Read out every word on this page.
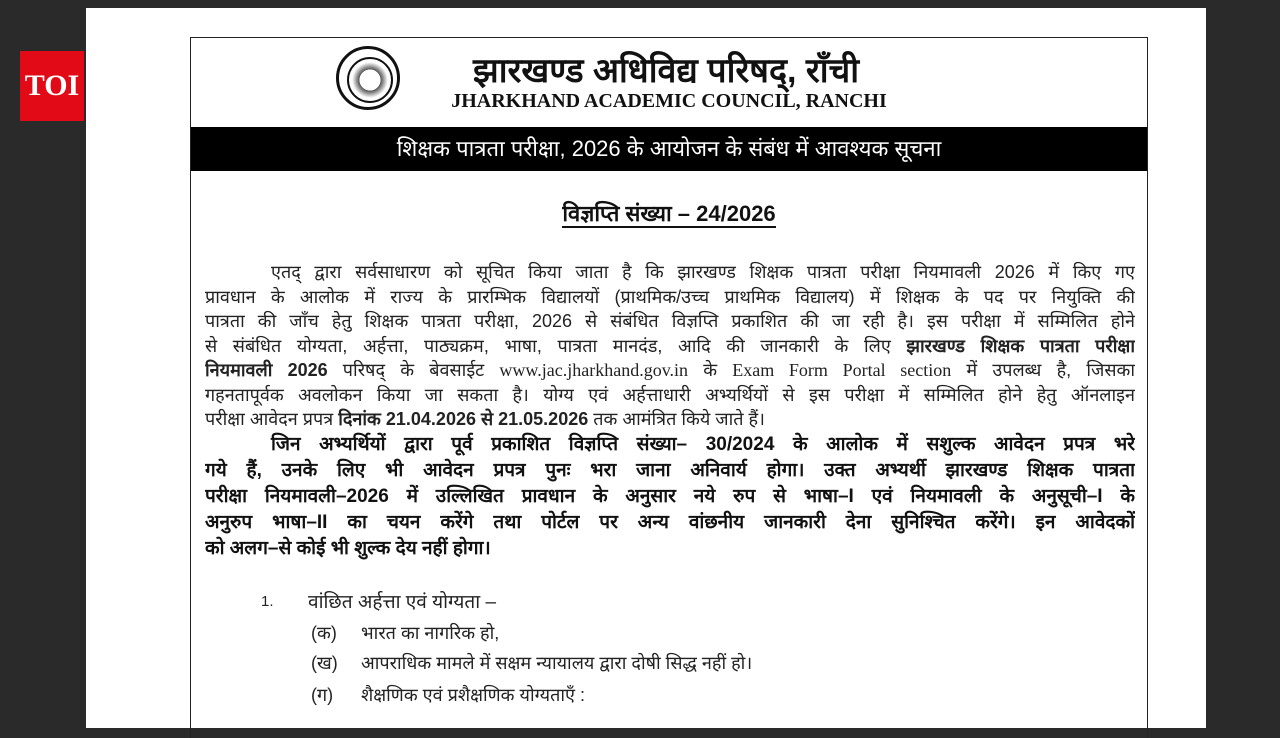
TOI	झारखण्ड अधिविद्य परिषद्, राँची
JHARKHAND ACADEMIC COUNCIL, RANCHI
शिक्षक पात्रता परीक्षा, 2026 के आयोजन के संबंध में आवश्यक सूचना
विज्ञप्ति संख्या – 24/2026
एतद् द्वारा सर्वसाधारण को सूचित किया जाता है कि झारखण्ड शिक्षक पात्रता परीक्षा नियमावली 2026 में किए गए
प्रावधान के आलोक में राज्य के प्रारम्भिक विद्यालयों (प्राथमिक/उच्च प्राथमिक विद्यालय) में शिक्षक के पद पर नियुक्ति की
पात्रता की जाँच हेतु शिक्षक पात्रता परीक्षा, 2026 से संबंधित विज्ञप्ति प्रकाशित की जा रही है। इस परीक्षा में सम्मिलित होने
से संबंधित योग्यता, अर्हत्ता, पाठ्यक्रम, भाषा, पात्रता मानदंड, आदि की जानकारी के लिए झारखण्ड शिक्षक पात्रता परीक्षा
नियमावली 2026 परिषद् के बेवसाईट www.jac.jharkhand.gov.in के Exam Form Portal section में उपलब्ध है, जिसका
गहनतापूर्वक अवलोकन किया जा सकता है। योग्य एवं अर्हत्ताधारी अभ्यर्थियों से इस परीक्षा में सम्मिलित होने हेतु ऑनलाइन
परीक्षा आवेदन प्रपत्र दिनांक 21.04.2026 से 21.05.2026 तक आमंत्रित किये जाते हैं।
जिन अभ्यर्थियों द्वारा पूर्व प्रकाशित विज्ञप्ति संख्या– 30/2024 के आलोक में सशुल्क आवेदन प्रपत्र भरे
गये हैं, उनके लिए भी आवेदन प्रपत्र पुनः भरा जाना अनिवार्य होगा। उक्त अभ्यर्थी झारखण्ड शिक्षक पात्रता
परीक्षा नियमावली–2026 में उल्लिखित प्रावधान के अनुसार नये रुप से भाषा–I एवं नियमावली के अनुसूची–I के
अनुरुप भाषा–II का चयन करेंगे तथा पोर्टल पर अन्य वांछनीय जानकारी देना सुनिश्चित करेंगे। इन आवेदकों
को अलग–से कोई भी शुल्क देय नहीं होगा।
1. वांछित अर्हत्ता एवं योग्यता –
(क) भारत का नागरिक हो,
(ख) आपराधिक मामले में सक्षम न्यायालय द्वारा दोषी सिद्ध नहीं हो।
(ग) शैक्षणिक एवं प्रशैक्षणिक योग्यताएँ :
